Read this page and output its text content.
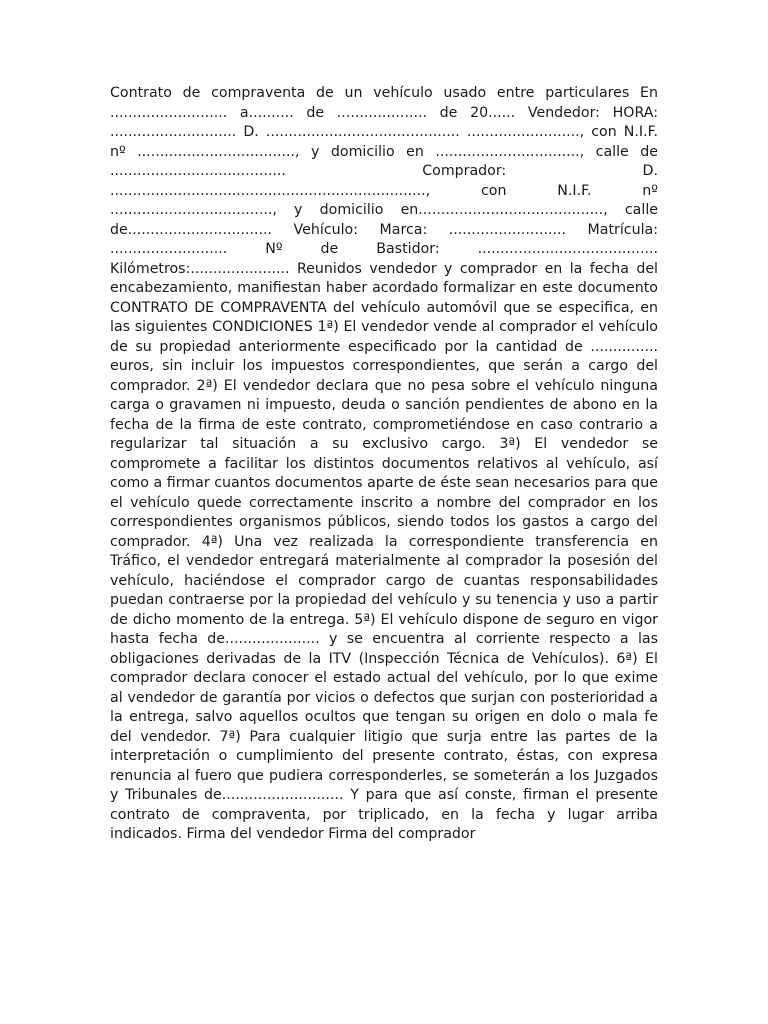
Contrato de compraventa de un vehículo usado entre particulares En .......................... a.......... de .................... de 20...... Vendedor: HORA: ............................ D. ........................................... ........................., con N.I.F. nº ..................................., y domicilio en ................................, calle de ....................................... Comprador: D. ......................................................................, con N.I.F. nº ...................................., y domicilio en........................................., calle de................................ Vehículo: Marca: .......................... Matrícula: .......................... Nº de Bastidor: ........................................ Kilómetros:...................... Reunidos vendedor y comprador en la fecha del encabezamiento, manifiestan haber acordado formalizar en este documento CONTRATO DE COMPRAVENTA del vehículo automóvil que se especifica, en las siguientes CONDICIONES 1ª) El vendedor vende al comprador el vehículo de su propiedad anteriormente especificado por la cantidad de ............... euros, sin incluir los impuestos correspondientes, que serán a cargo del comprador. 2ª) El vendedor declara que no pesa sobre el vehículo ninguna carga o gravamen ni impuesto, deuda o sanción pendientes de abono en la fecha de la firma de este contrato, comprometiéndose en caso contrario a regularizar tal situación a su exclusivo cargo. 3ª) El vendedor se compromete a facilitar los distintos documentos relativos al vehículo, así como a firmar cuantos documentos aparte de éste sean necesarios para que el vehículo quede correctamente inscrito a nombre del comprador en los correspondientes organismos públicos, siendo todos los gastos a cargo del comprador. 4ª) Una vez realizada la correspondiente transferencia en Tráfico, el vendedor entregará materialmente al comprador la posesión del vehículo, haciéndose el comprador cargo de cuantas responsabilidades puedan contraerse por la propiedad del vehículo y su tenencia y uso a partir de dicho momento de la entrega. 5ª) El vehículo dispone de seguro en vigor hasta fecha de..................... y se encuentra al corriente respecto a las obligaciones derivadas de la ITV (Inspección Técnica de Vehículos). 6ª) El comprador declara conocer el estado actual del vehículo, por lo que exime al vendedor de garantía por vicios o defectos que surjan con posterioridad a la entrega, salvo aquellos ocultos que tengan su origen en dolo o mala fe del vendedor. 7ª) Para cualquier litigio que surja entre las partes de la interpretación o cumplimiento del presente contrato, éstas, con expresa renuncia al fuero que pudiera corresponderles, se someterán a los Juzgados y Tribunales de........................... Y para que así conste, firman el presente contrato de compraventa, por triplicado, en la fecha y lugar arriba indicados. Firma del vendedor Firma del comprador
